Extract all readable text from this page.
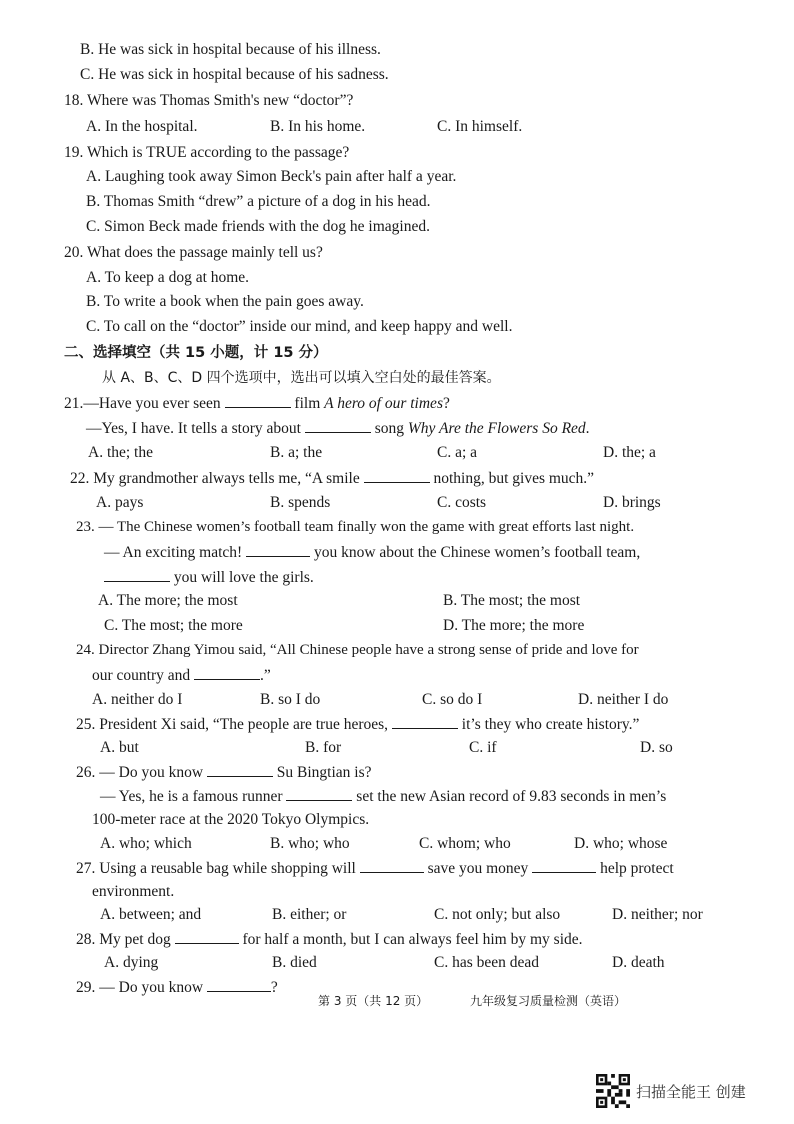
B. He was sick in hospital because of his illness.
C. He was sick in hospital because of his sadness.
18. Where was Thomas Smith's new “doctor”?
A. In the hospital.	B. In his home.	C. In himself.
19. Which is TRUE according to the passage?
A. Laughing took away Simon Beck's pain after half a year.
B. Thomas Smith “drew” a picture of a dog in his head.
C. Simon Beck made friends with the dog he imagined.
20. What does the passage mainly tell us?
A. To keep a dog at home.
B. To write a book when the pain goes away.
C. To call on the “doctor” inside our mind, and keep happy and well.
二、选择填空（共 15 小题，计 15 分）
从 A、B、C、D 四个选项中，选出可以填入空白处的最佳答案。
21.—Have you ever seen	film A hero of our times?
—Yes, I have. It tells a story about	song Why Are the Flowers So Red.
A. the; the	B. a; the	C. a; a	D. the; a
22. My grandmother always tells me, “A smile	nothing, but gives much.”
A. pays	B. spends	C. costs	D. brings
23. — The Chinese women’s football team finally won the game with great efforts last night.
— An exciting match!	you know about the Chinese women’s football team,
you will love the girls.
A. The more; the most	B. The most; the most
C. The most; the more	D. The more; the more
24. Director Zhang Yimou said, “All Chinese people have a strong sense of pride and love for
our country and	.”
A. neither do I	B. so I do	C. so do I	D. neither I do
25. President Xi said, “The people are true heroes,	it’s they who create history.”
A. but	B. for	C. if	D. so
26. — Do you know	Su Bingtian is?
— Yes, he is a famous runner	set the new Asian record of 9.83 seconds in men’s
100-meter race at the 2020 Tokyo Olympics.
A. who; which	B. who; who	C. whom; who	D. who; whose
27. Using a reusable bag while shopping will	save you money	help protect
environment.
A. between; and	B. either; or	C. not only; but also	D. neither; nor
28. My pet dog	for half a month, but I can always feel him by my side.
A. dying	B. died	C. has been dead	D. death
29. — Do you know	?
第 3 页（共 12 页）	九年级复习质量检测（英语）
扫描全能王 创建
